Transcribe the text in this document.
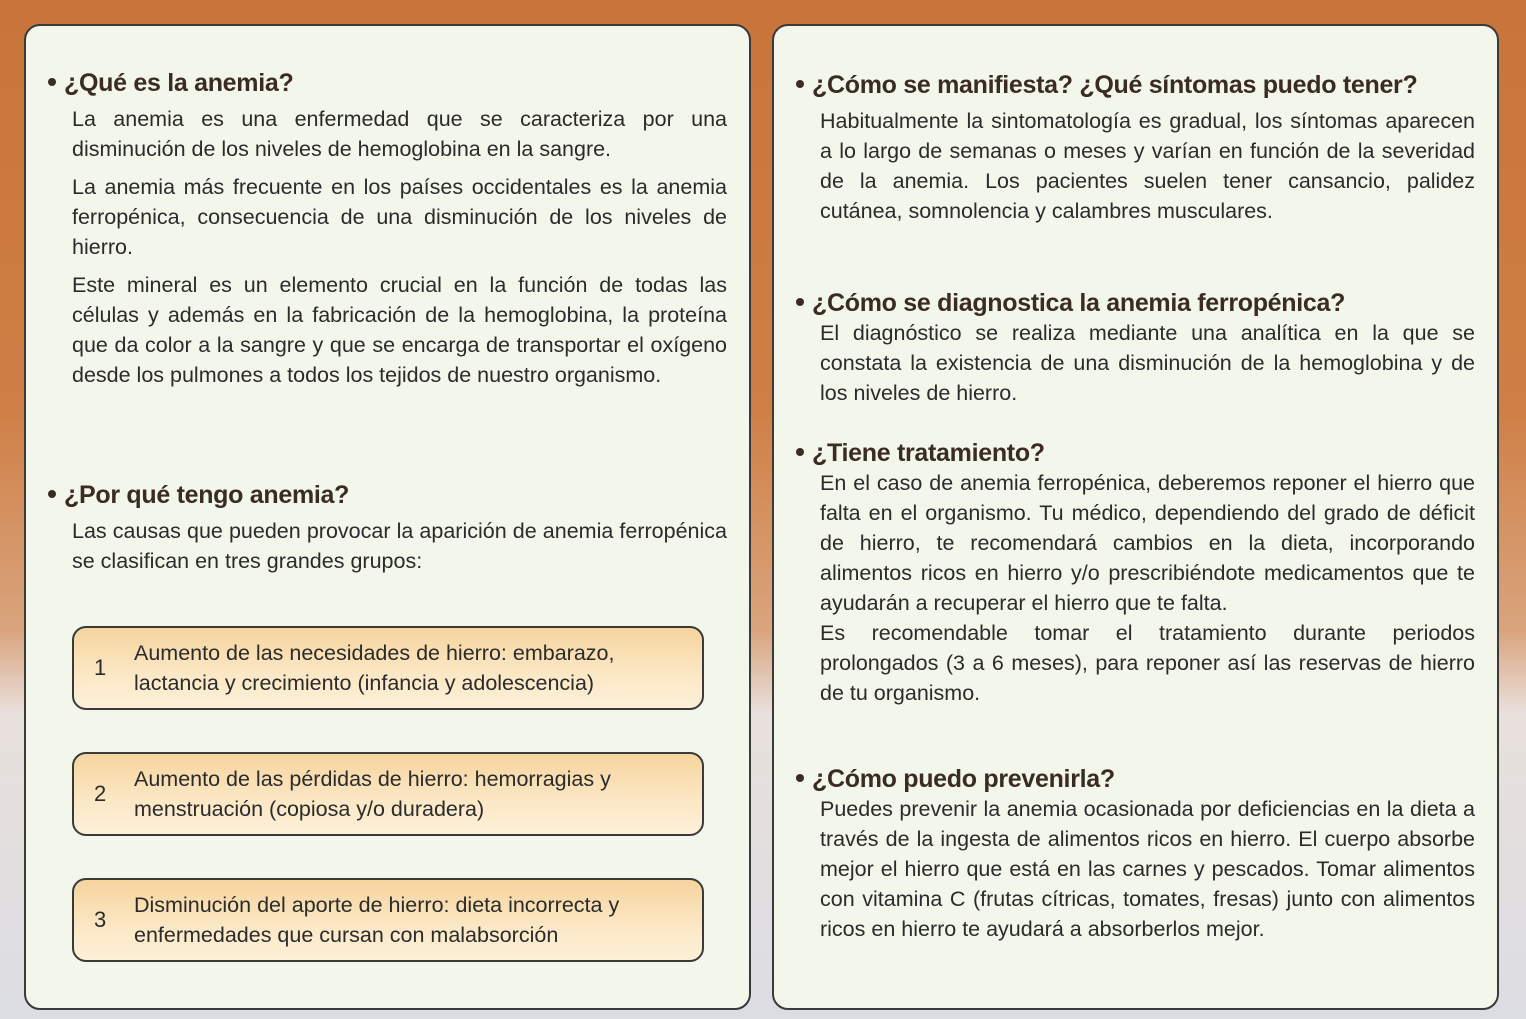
¿Qué es la anemia?

La anemia es una enfermedad que se caracteriza por una disminución de los niveles de hemoglobina en la sangre.

La anemia más frecuente en los países occidentales es la anemia ferropénica, consecuencia de una disminución de los niveles de hierro.

Este mineral es un elemento crucial en la función de todas las células y además en la fabricación de la hemoglobina, la proteína que da color a la sangre y que se encarga de transportar el oxígeno desde los pulmones a todos los tejidos de nuestro organismo.

¿Por qué tengo anemia?

Las causas que pueden provocar la aparición de anemia ferropénica se clasifican en tres grandes grupos:

1
Aumento de las necesidades de hierro: embarazo, lactancia y crecimiento (infancia y adolescencia)
2
Aumento de las pérdidas de hierro: hemorragias y menstruación (copiosa y/o duradera)
3
Disminución del aporte de hierro: dieta incorrecta y enfermedades que cursan con malabsorción
¿Cómo se manifiesta? ¿Qué síntomas puedo tener?

Habitualmente la sintomatología es gradual, los síntomas aparecen a lo largo de semanas o meses y varían en función de la severidad de la anemia. Los pacientes suelen tener cansancio, palidez cutánea, somnolencia y calambres musculares.

¿Cómo se diagnostica la anemia ferropénica?

El diagnóstico se realiza mediante una analítica en la que se constata la existencia de una disminución de la hemoglobina y de los niveles de hierro.

¿Tiene tratamiento?

En el caso de anemia ferropénica, deberemos reponer el hierro que falta en el organismo. Tu médico, dependiendo del grado de déficit de hierro, te recomendará cambios en la dieta, incorporando alimentos ricos en hierro y/o prescribiéndote medicamentos que te ayudarán a recuperar el hierro que te falta.

Es recomendable tomar el tratamiento durante periodos prolongados (3 a 6 meses), para reponer así las reservas de hierro de tu organismo.

¿Cómo puedo prevenirla?

Puedes prevenir la anemia ocasionada por deficiencias en la dieta a través de la ingesta de alimentos ricos en hierro. El cuerpo absorbe mejor el hierro que está en las carnes y pescados. Tomar alimentos con vitamina C (frutas cítricas, tomates, fresas) junto con alimentos ricos en hierro te ayudará a absorberlos mejor.
